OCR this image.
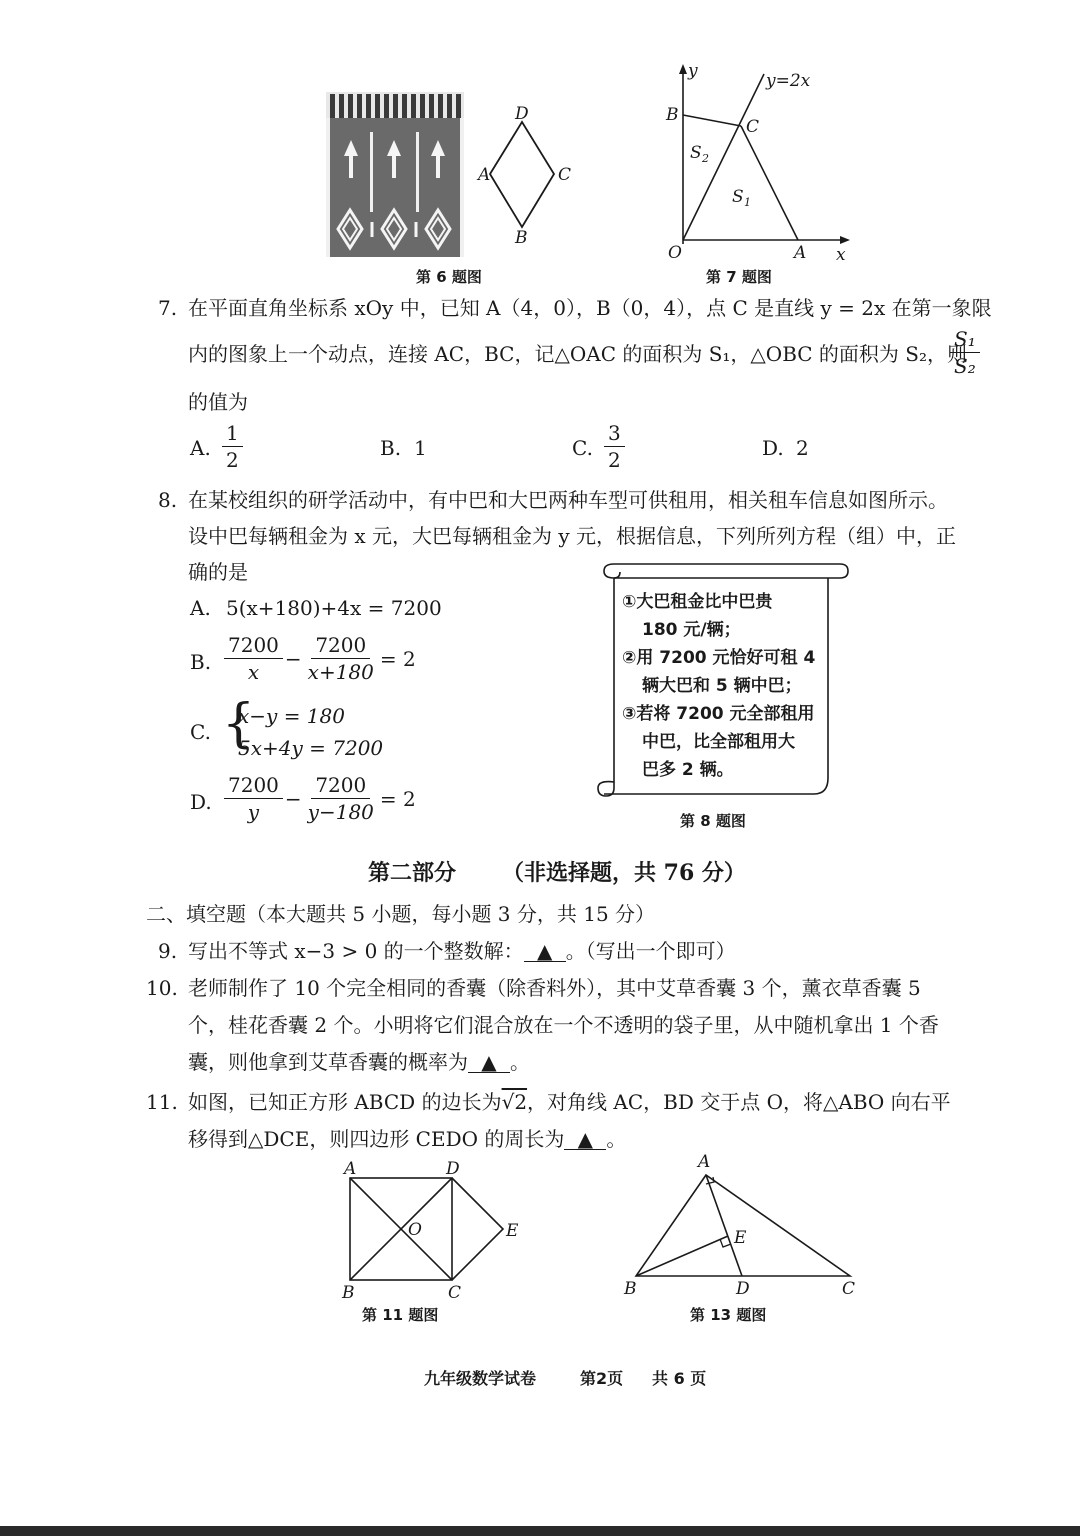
D
C
A
B
第 6 题图
y	y=2x
B
C
S 2
S 1
O	A x
第 7 题图
7. 在平面直角坐标系 xOy 中，已知 A（4，0），B（0，4），点 C 是直线 y = 2x 在第一象限
内的图象上一个动点，连接 AC，BC，记△OAC 的面积为 S₁，△OBC 的面积为 S₂，则
$\frac{\text{S₁}}{\text{S₂}}$
的值为
A. $\frac{1}{2}$	B. 1	C. $\frac{3}{2}$	D. 2
8. 在某校组织的研学活动中，有中巴和大巴两种车型可供租用，相关租车信息如图所示。
设中巴每辆租金为 x 元，大巴每辆租金为 y 元，根据信息，下列所列方程（组）中，正
确的是
A. 5(x+180)+4x = 7200
B. $\frac{7200}{x} - \frac{7200}{x+180} = 2$
C. {
x−y = 180
5x+4y = 7200
D. $\frac{7200}{y} - \frac{7200}{y-180} = 2$
①大巴租金比中巴贵
180 元/辆；
②用 7200 元恰好可租 4
辆大巴和 5 辆中巴；
③若将 7200 元全部租用
中巴，比全部租用大
巴多 2 辆。
第 8 题图
第二部分 （非选择题，共 76 分）
二、填空题（本大题共 5 小题，每小题 3 分，共 15 分）
9. 写出不等式 x−3 > 0 的一个整数解： ▲ 。（写出一个即可）
10. 老师制作了 10 个完全相同的香囊（除香料外），其中艾草香囊 3 个，薰衣草香囊 5
个，桂花香囊 2 个。小明将它们混合放在一个不透明的袋子里，从中随机拿出 1 个香
囊，则他拿到艾草香囊的概率为 ▲ 。
11. 如图，已知正方形 ABCD 的边长为√2，对角线 AC，BD 交于点 O，将△ABO 向右平
移得到△DCE，则四边形 CEDO 的周长为 ▲ 。
A	D
O	E
B	C
第 11 题图
A
E
B	D	C
第 13 题图
九年级数学试卷	第2页 共 6 页
